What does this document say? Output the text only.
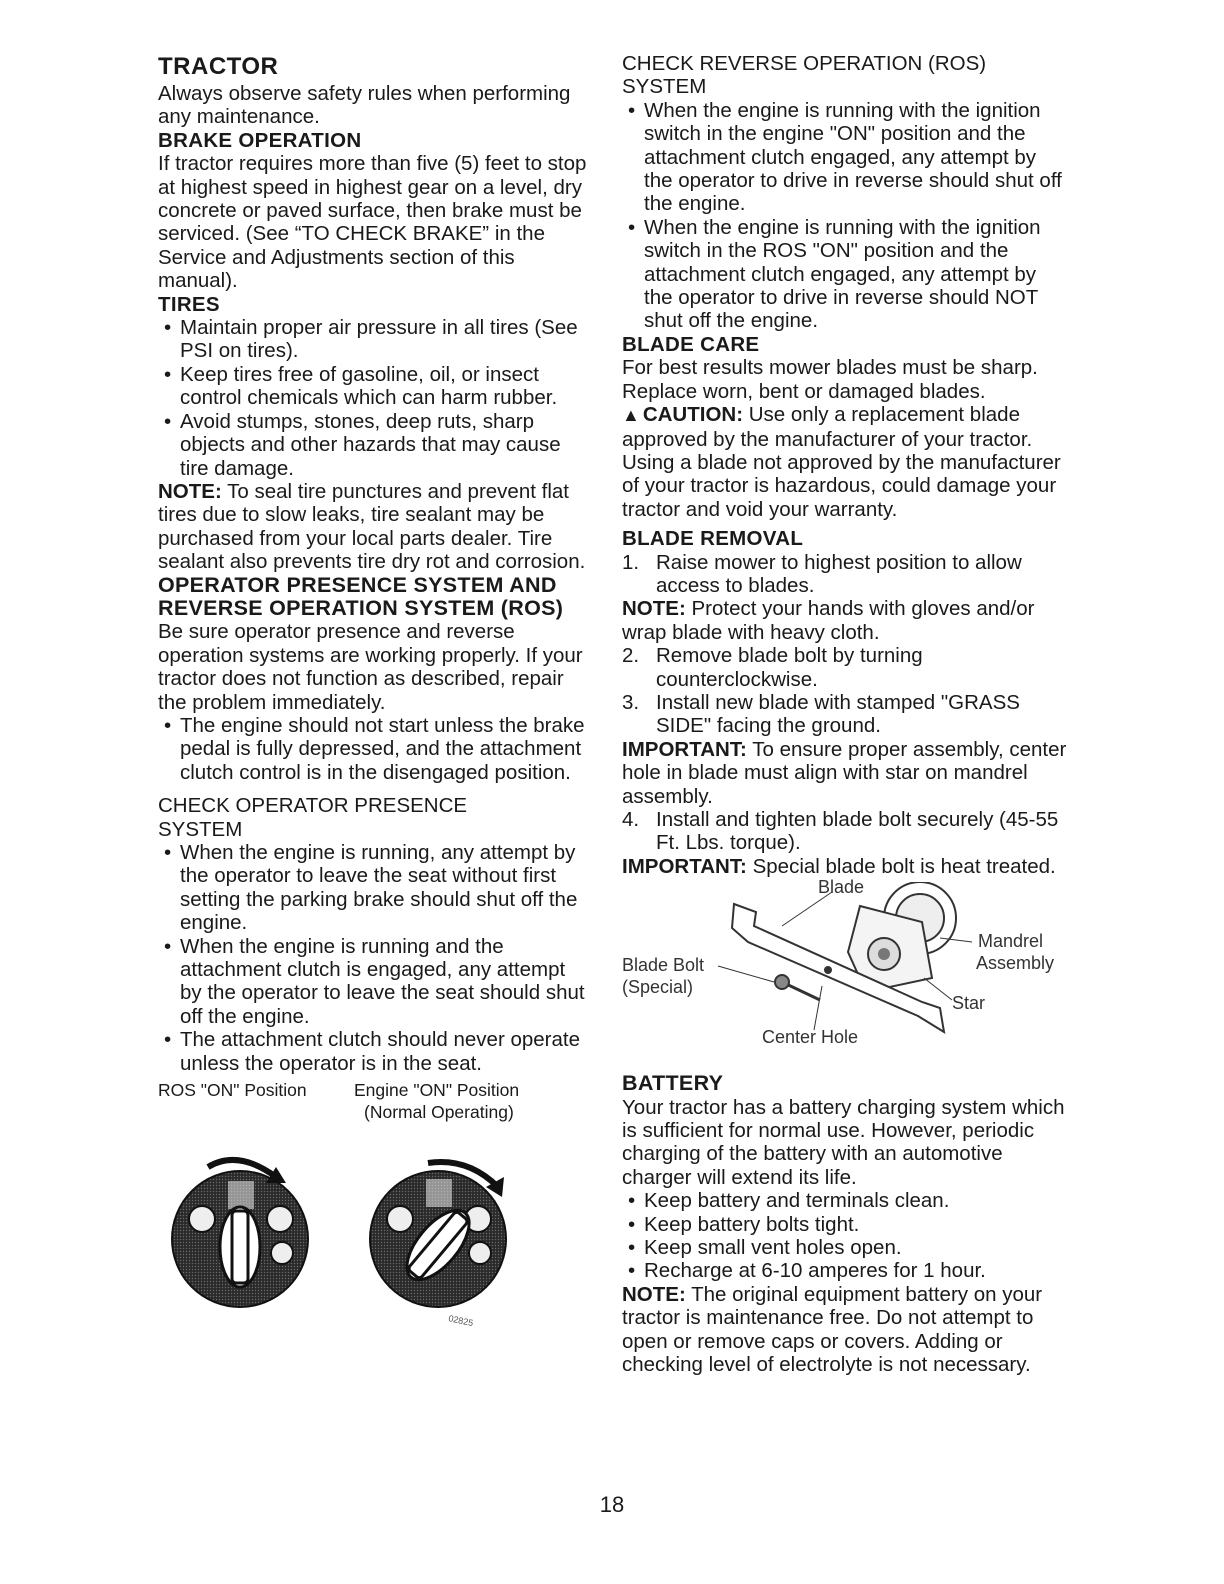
TRACTOR

Always observe safety rules when performing any maintenance.

BRAKE OPERATION

If tractor requires more than five (5) feet to stop at highest speed in highest gear on a level, dry concrete or paved surface, then brake must be serviced. (See “TO CHECK BRAKE” in the Service and Adjustments section of this manual).

TIRES

• Maintain proper air pressure in all tires (See PSI on tires).
• Keep tires free of gasoline, oil, or insect control chemicals which can harm rubber.
• Avoid stumps, stones, deep ruts, sharp objects and other hazards that may cause tire damage.

NOTE: To seal tire punctures and prevent flat tires due to slow leaks, tire sealant may be purchased from your local parts dealer. Tire sealant also prevents tire dry rot and corrosion.

OPERATOR PRESENCE SYSTEM AND REVERSE OPERATION SYSTEM (ROS)

Be sure operator presence and reverse operation systems are working properly. If your tractor does not function as described, repair the problem immediately.

• The engine should not start unless the brake pedal is fully depressed, and the attachment clutch control is in the disengaged position.

CHECK OPERATOR PRESENCE SYSTEM

• When the engine is running, any attempt by the operator to leave the seat without first setting the parking brake should shut off the engine.
• When the engine is running and the attachment clutch is engaged, any attempt by the operator to leave the seat should shut off the engine.
• The attachment clutch should never operate unless the operator is in the seat.
ROS "ON" Position	Engine "ON" Position
(Normal Operating)
02825

CHECK REVERSE OPERATION (ROS) SYSTEM

• When the engine is running with the ignition switch in the engine "ON" position and the attachment clutch engaged, any attempt by the operator to drive in reverse should shut off the engine.
• When the engine is running with the ignition switch in the ROS "ON" position and the attachment clutch engaged, any attempt by the operator to drive in reverse should NOT shut off the engine.

BLADE CARE

For best results mower blades must be sharp. Replace worn, bent or damaged blades.

▲ CAUTION: Use only a replacement blade approved by the manufacturer of your tractor. Using a blade not approved by the manufacturer of your tractor is hazardous, could damage your tractor and void your warranty.

BLADE REMOVAL

1. Raise mower to highest position to allow access to blades.

NOTE: Protect your hands with gloves and/or wrap blade with heavy cloth.

2. Remove blade bolt by turning counterclockwise.
3. Install new blade with stamped "GRASS SIDE" facing the ground.

IMPORTANT: To ensure proper assembly, center hole in blade must align with star on mandrel assembly.

4. Install and tighten blade bolt securely (45-55 Ft. Lbs. torque).

IMPORTANT: Special blade bolt is heat treated.

Blade
Blade Bolt
(Special)
Mandrel
Assembly
Star
Center Hole

BATTERY

Your tractor has a battery charging system which is sufficient for normal use. However, periodic charging of the battery with an automotive charger will extend its life.

• Keep battery and terminals clean.
• Keep battery bolts tight.
• Keep small vent holes open.
• Recharge at 6-10 amperes for 1 hour.

NOTE: The original equipment battery on your tractor is maintenance free. Do not attempt to open or remove caps or covers. Adding or checking level of electrolyte is not necessary.

18
